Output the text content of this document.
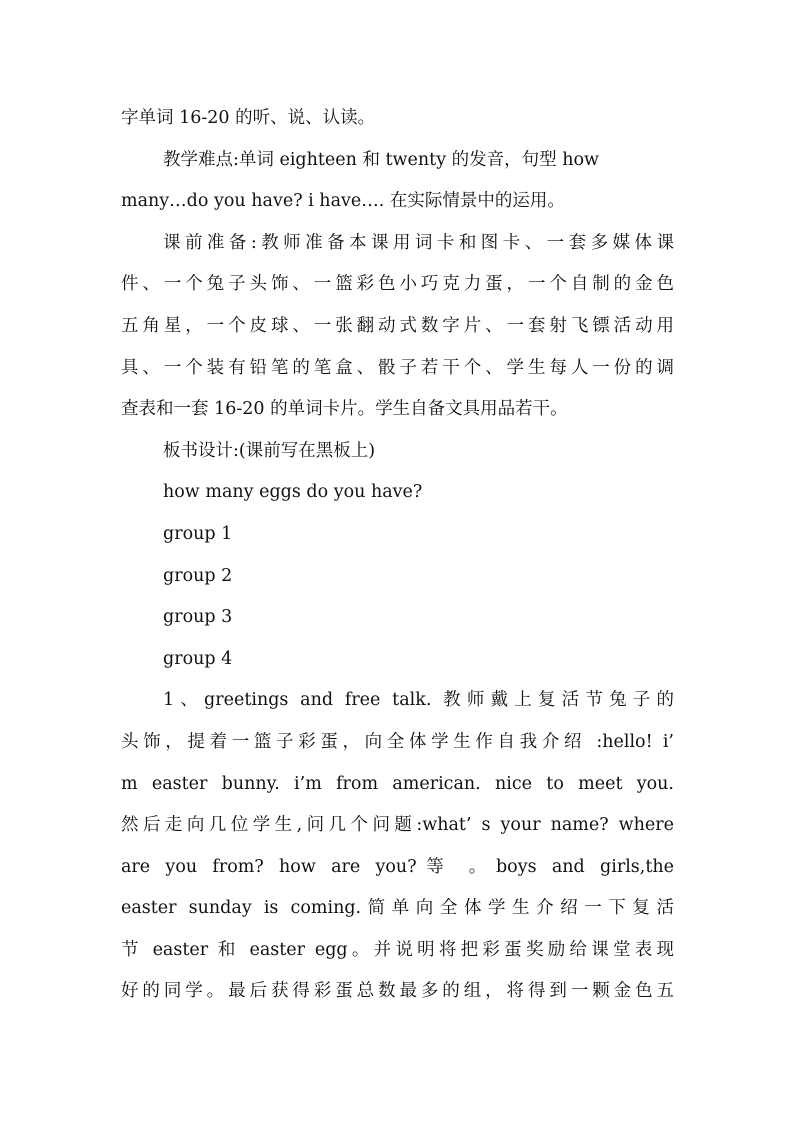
字单词 16-20 的听、说、认读。
教学难点:单词 eighteen 和 twenty 的发音，句型 how
many…do you have? i have…. 在实际情景中的运用。
课前准备:教师准备本课用词卡和图卡、一套多媒体课
件、一个兔子头饰、一篮彩色小巧克力蛋，一个自制的金色
五角星，一个皮球、一张翻动式数字片、一套射飞镖活动用
具、一个装有铅笔的笔盒、骰子若干个、学生每人一份的调
查表和一套 16-20 的单词卡片。学生自备文具用品若干。
板书设计:(课前写在黑板上)
how many eggs do you have?
group 1
group 2
group 3
group 4
1、greetings and free talk. 教师戴上复活节兔子的
头饰，提着一篮子彩蛋，向全体学生作自我介绍 :hello! i’
m easter bunny. i’m from american. nice to meet you.
然后走向几位学生,问几个问题:what’ s your name? where
are you from? how are you?等 。boys and girls,the
easter sunday is coming.简单向全体学生介绍一下复活
节 easter 和 easter egg。并说明将把彩蛋奖励给课堂表现
好的同学。最后获得彩蛋总数最多的组，将得到一颗金色五
